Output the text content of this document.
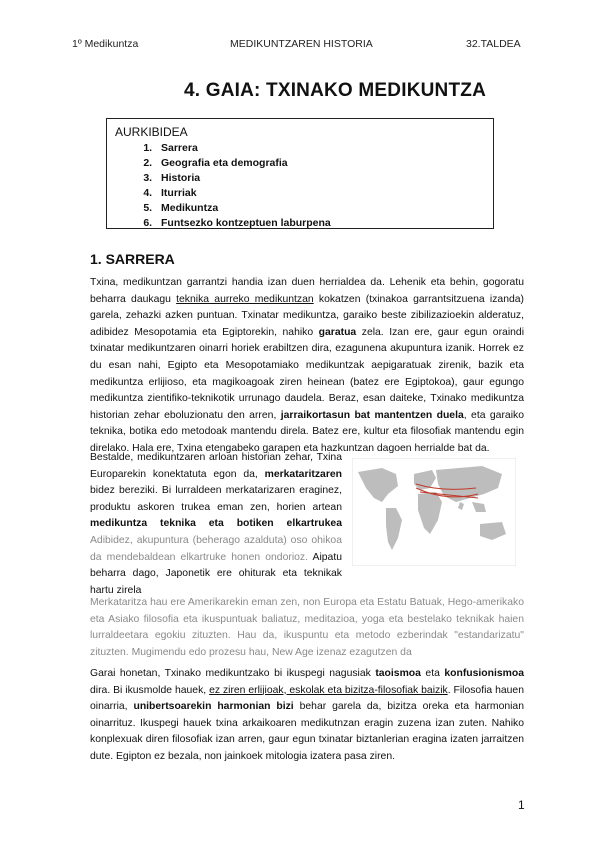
1º Medikuntza	MEDIKUNTZAREN HISTORIA	32.TALDEA
4. GAIA: TXINAKO MEDIKUNTZA
AURKIBIDEA
1. Sarrera
2. Geografia eta demografia
3. Historia
4. Iturriak
5. Medikuntza
6. Funtsezko kontzeptuen laburpena
1. SARRERA

Txina, medikuntzan garrantzi handia izan duen herrialdea da. Lehenik eta behin, gogoratu beharra daukagu teknika aurreko medikuntzan kokatzen (txinakoa garrantsitzuena izanda) garela, zehazki azken puntuan. Txinatar medikuntza, garaiko beste zibilizazioekin alderatuz, adibidez Mesopotamia eta Egiptorekin, nahiko garatua zela. Izan ere, gaur egun oraindi txinatar medikuntzaren oinarri horiek erabiltzen dira, ezagunena akupuntura izanik. Horrek ez du esan nahi, Egipto eta Mesopotamiako medikuntzak aepigaratuak zirenik, bazik eta medikuntza erlijioso, eta magikoagoak ziren heinean (batez ere Egiptokoa), gaur egungo medikuntza zientifiko-teknikotik urrunago daudela. Beraz, esan daiteke, Txinako medikuntza historian zehar eboluzionatu den arren, jarraikortasun bat mantentzen duela, eta garaiko teknika, botika edo metodoak mantendu direla. Batez ere, kultur eta filosofiak mantendu egin direlako. Hala ere, Txina etengabeko garapen eta hazkuntzan dagoen herrialde bat da.

Bestalde, medikuntzaren arloan historian zehar, Txina Europarekin konektatuta egon da, merkataritzaren bidez bereziki. Bi lurraldeen merkatarizaren eraginez, produktu askoren trukea eman zen, horien artean medikuntza teknika eta botiken elkartrukea Adibidez, akupuntura (beherago azalduta) oso ohikoa da mendebaldean elkartruke honen ondorioz. Aipatu beharra dago, Japonetik ere ohiturak eta teknikak hartu zirela

Merkataritza hau ere Amerikarekin eman zen, non Europa eta Estatu Batuak, Hego-amerikako eta Asiako filosofia eta ikuspuntuak baliatuz, meditazioa, yoga eta bestelako teknikak haien lurraldeetara egokiu zituzten. Hau da, ikuspuntu eta metodo ezberindak "estandarizatu" zituzten. Mugimendu edo prozesu hau, New Age izenaz ezagutzen da

Garai honetan, Txinako medikuntzako bi ikuspegi nagusiak taoismoa eta konfusionismoa dira. Bi ikusmolde hauek, ez ziren erlijioak, eskolak eta bizitza-filosofiak baizik. Filosofia hauen oinarria, unibertsoarekin harmonian bizi behar garela da, bizitza oreka eta harmonian oinarrituz. Ikuspegi hauek txina arkaikoaren medikutnzan eragin zuzena izan zuten. Nahiko konplexuak diren filosofiak izan arren, gaur egun txinatar biztanlerian eragina izaten jarraitzen dute. Egipton ez bezala, non jainkoek mitologia izatera pasa ziren.

1
